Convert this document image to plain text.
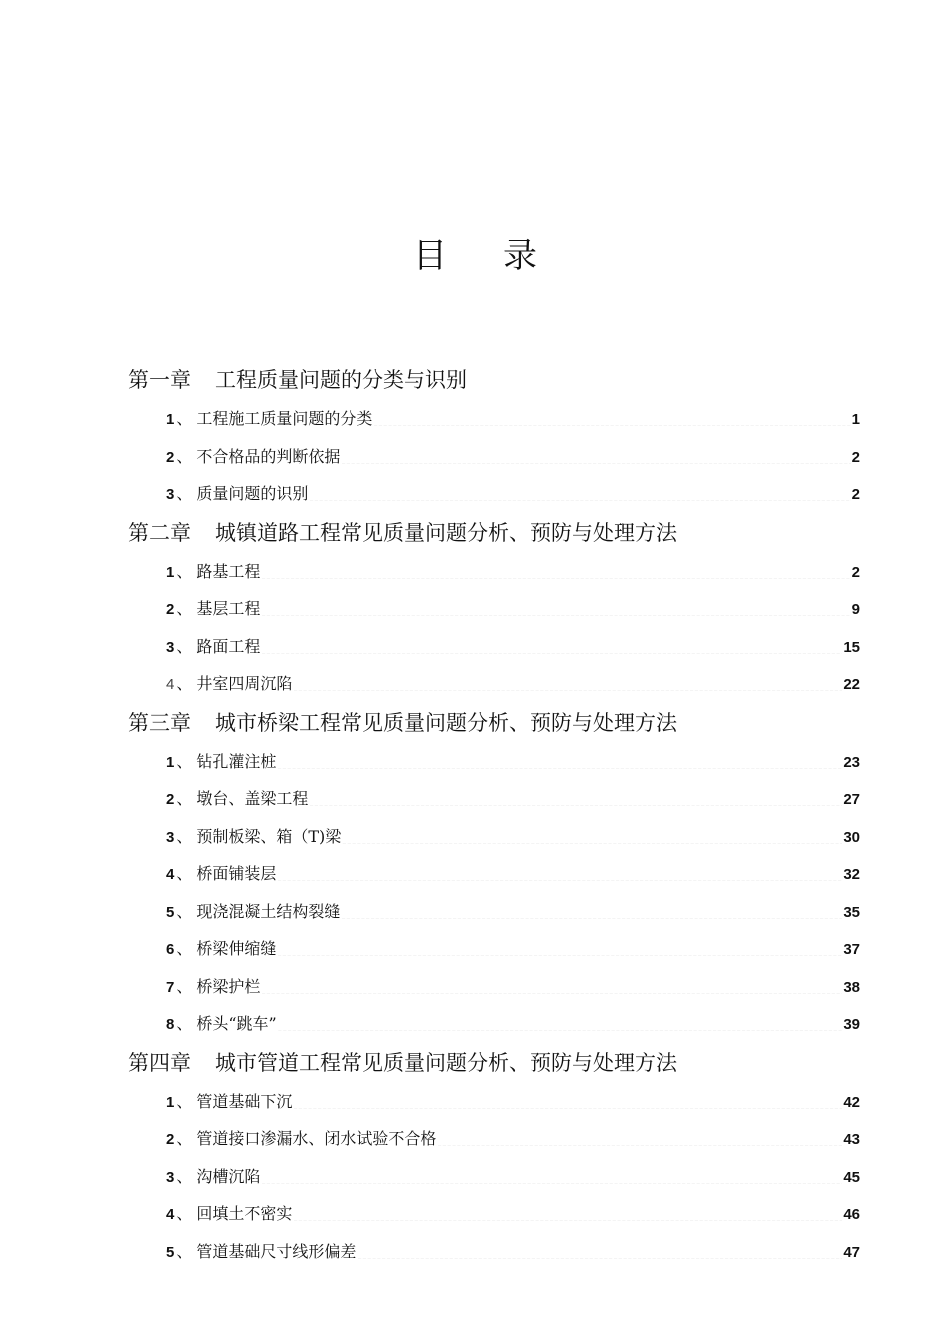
目 录
第一章 工程质量问题的分类与识别
1 、 工程施工质量问题的分类 -----	1
2 、 不合格品的判断依据 -----	2
3 、 质量问题的识别 -----	2
第二章 城镇道路工程常见质量问题分析、预防与处理方法
1 、 路基工程 -----	2
2 、 基层工程 -----	9
3 、 路面工程 -----	15
4 、 井室四周沉陷 -----	22
第三章 城市桥梁工程常见质量问题分析、预防与处理方法
1 、 钻孔灌注桩 -----	23
2 、 墩台、盖梁工程 -----	27
3 、 预制板梁、箱（T)梁 -----	30
4 、 桥面铺装层 -----	32
5 、 现浇混凝土结构裂缝 -----	35
6 、 桥梁伸缩缝 -----	37
7 、 桥梁护栏 -----	38
8 、 桥头“跳车” -----	39
第四章 城市管道工程常见质量问题分析、预防与处理方法
1 、 管道基础下沉 -----	42
2 、 管道接口渗漏水、闭水试验不合格 -----	43
3 、 沟槽沉陷 -----	45
4 、 回填土不密实 -----	46
5 、 管道基础尺寸线形偏差 -----	47
